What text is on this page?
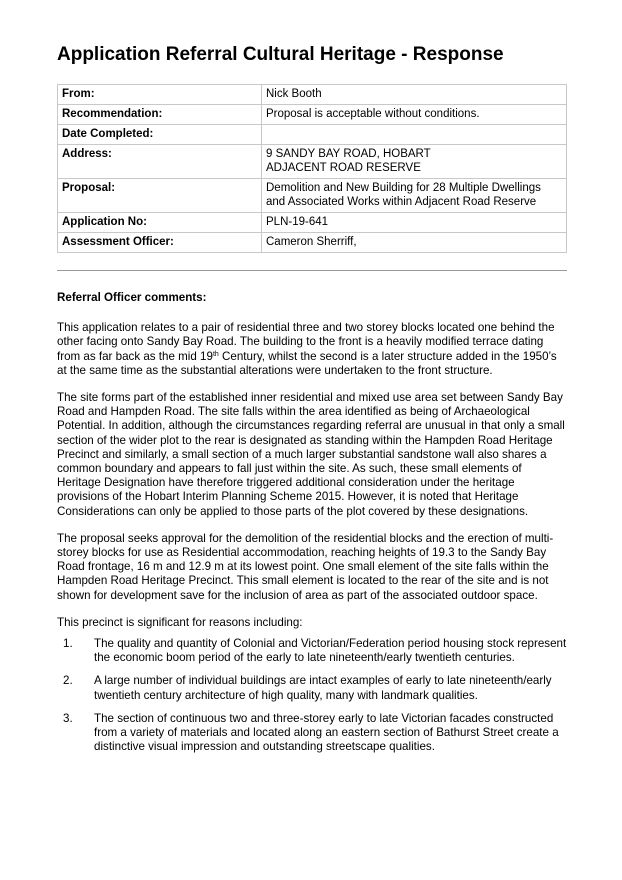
Application Referral Cultural Heritage - Response
From:	Nick Booth
Recommendation:	Proposal is acceptable without conditions.
Date Completed:	
Address:	9 SANDY BAY ROAD, HOBART
ADJACENT ROAD RESERVE

Proposal:	Demolition and New Building for 28 Multiple Dwellings
and Associated Works within Adjacent Road Reserve

Application No:	PLN-19-641
Assessment Officer:	Cameron Sherriff,
Referral Officer comments:

This application relates to a pair of residential three and two storey blocks located one behind the other facing onto Sandy Bay Road. The building to the front is a heavily modified terrace dating from as far back as the mid 19th Century, whilst the second is a later structure added in the 1950’s at the same time as the substantial alterations were undertaken to the front structure.

The site forms part of the established inner residential and mixed use area set between Sandy Bay Road and Hampden Road. The site falls within the area identified as being of Archaeological Potential. In addition, although the circumstances regarding referral are unusual in that only a small section of the wider plot to the rear is designated as standing within the Hampden Road Heritage Precinct and similarly, a small section of a much larger substantial sandstone wall also shares a common boundary and appears to fall just within the site. As such, these small elements of Heritage Designation have therefore triggered additional consideration under the heritage provisions of the Hobart Interim Planning Scheme 2015. However, it is noted that Heritage Considerations can only be applied to those parts of the plot covered by these designations.

The proposal seeks approval for the demolition of the residential blocks and the erection of multi-storey blocks for use as Residential accommodation, reaching heights of 19.3 to the Sandy Bay Road frontage, 16 m and 12.9 m at its lowest point. One small element of the site falls within the Hampden Road Heritage Precinct. This small element is located to the rear of the site and is not shown for development save for the inclusion of area as part of the associated outdoor space.

This precinct is significant for reasons including:

1. The quality and quantity of Colonial and Victorian/Federation period housing stock represent the economic boom period of the early to late nineteenth/early twentieth centuries.
2. A large number of individual buildings are intact examples of early to late nineteenth/early twentieth century architecture of high quality, many with landmark qualities.
3. The section of continuous two and three-storey early to late Victorian facades constructed from a variety of materials and located along an eastern section of Bathurst Street create a distinctive visual impression and outstanding streetscape qualities.
